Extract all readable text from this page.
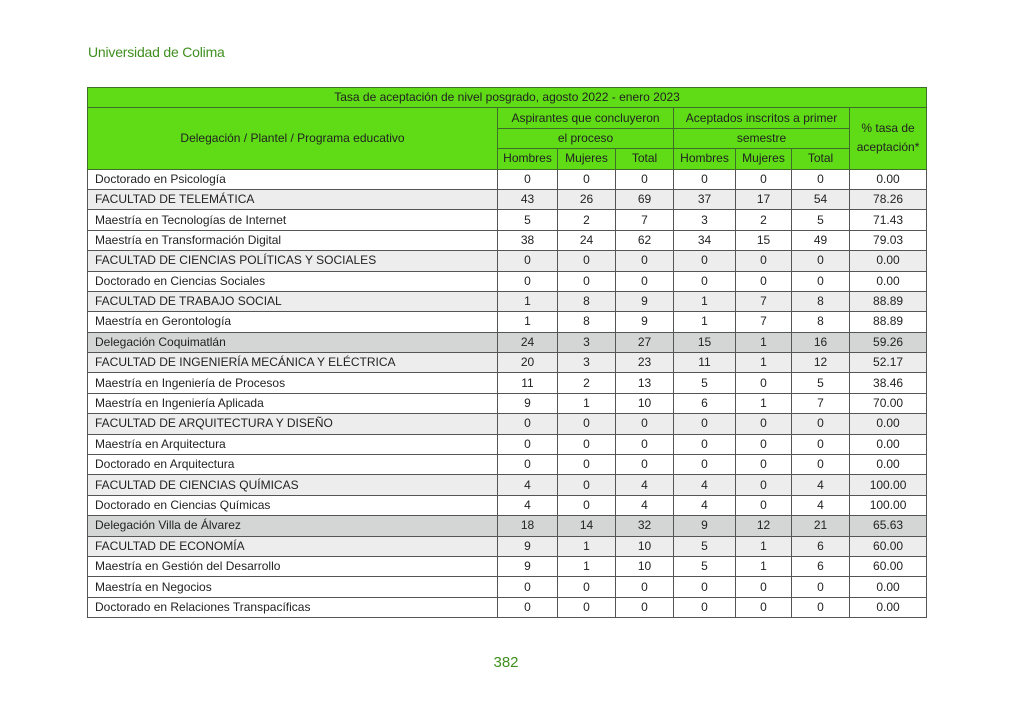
Universidad de Colima
Tasa de aceptación de nivel posgrado, agosto 2022 - enero 2023							
Delegación / Plantel / Programa educativo	Aspirantes que concluyeron			Aceptados inscritos a primer			% tasa de
aceptación*

	el proceso			semestre			
	Hombres	Mujeres	Total	Hombres	Mujeres	Total	
Doctorado en Psicología	0	0	0	0	0	0	0.00
FACULTAD DE TELEMÁTICA	43	26	69	37	17	54	78.26
Maestría en Tecnologías de Internet	5	2	7	3	2	5	71.43
Maestría en Transformación Digital	38	24	62	34	15	49	79.03
FACULTAD DE CIENCIAS POLÍTICAS Y SOCIALES	0	0	0	0	0	0	0.00
Doctorado en Ciencias Sociales	0	0	0	0	0	0	0.00
FACULTAD DE TRABAJO SOCIAL	1	8	9	1	7	8	88.89
Maestría en Gerontología	1	8	9	1	7	8	88.89
Delegación Coquimatlán	24	3	27	15	1	16	59.26
FACULTAD DE INGENIERÍA MECÁNICA Y ELÉCTRICA	20	3	23	11	1	12	52.17
Maestría en Ingeniería de Procesos	11	2	13	5	0	5	38.46
Maestría en Ingeniería Aplicada	9	1	10	6	1	7	70.00
FACULTAD DE ARQUITECTURA Y DISEÑO	0	0	0	0	0	0	0.00
Maestría en Arquitectura	0	0	0	0	0	0	0.00
Doctorado en Arquitectura	0	0	0	0	0	0	0.00
FACULTAD DE CIENCIAS QUÍMICAS	4	0	4	4	0	4	100.00
Doctorado en Ciencias Químicas	4	0	4	4	0	4	100.00
Delegación Villa de Álvarez	18	14	32	9	12	21	65.63
FACULTAD DE ECONOMÍA	9	1	10	5	1	6	60.00
Maestría en Gestión del Desarrollo	9	1	10	5	1	6	60.00
Maestría en Negocios	0	0	0	0	0	0	0.00
Doctorado en Relaciones Transpacíficas	0	0	0	0	0	0	0.00
382
